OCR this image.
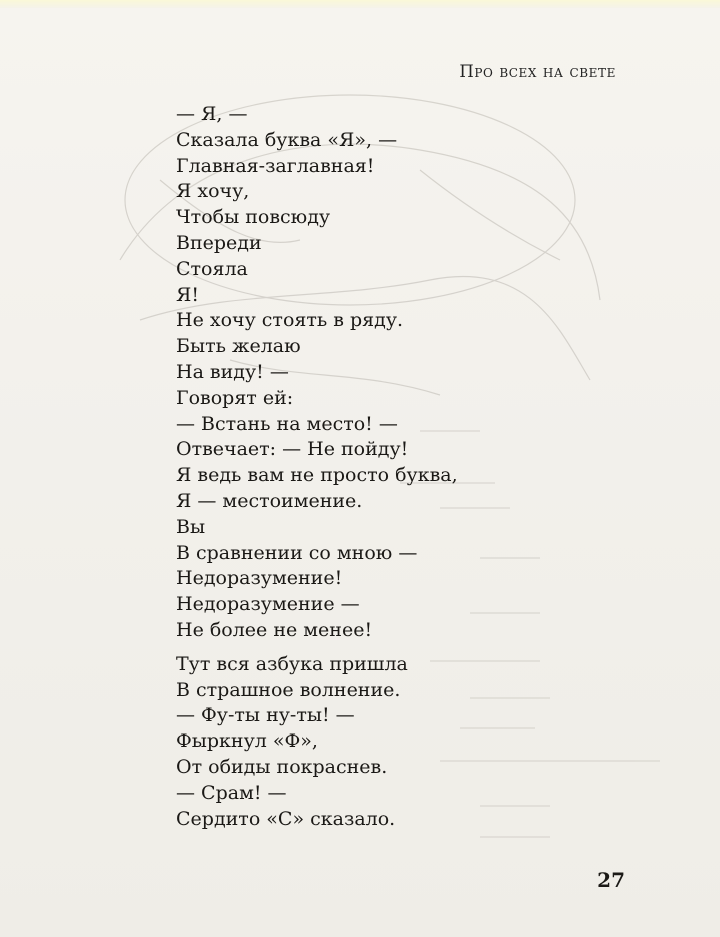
Про всех на свете
— Я, —
Сказала буква «Я», —
Главная-заглавная!
Я хочу,
Чтобы повсюду
Впереди
Стояла
Я!
Не хочу стоять в ряду.
Быть желаю
На виду! —
Говорят ей:
— Встань на место! —
Отвечает: — Не пойду!
Я ведь вам не просто буква,
Я — местоимение.
Вы
В сравнении со мною —
Недоразумение!
Недоразумение —
Не более не менее!
Тут вся азбука пришла
В страшное волнение.
— Фу-ты ну-ты! —
Фыркнул «Ф»,
От обиды покраснев.
— Срам! —
Сердито «С» сказало.
27
